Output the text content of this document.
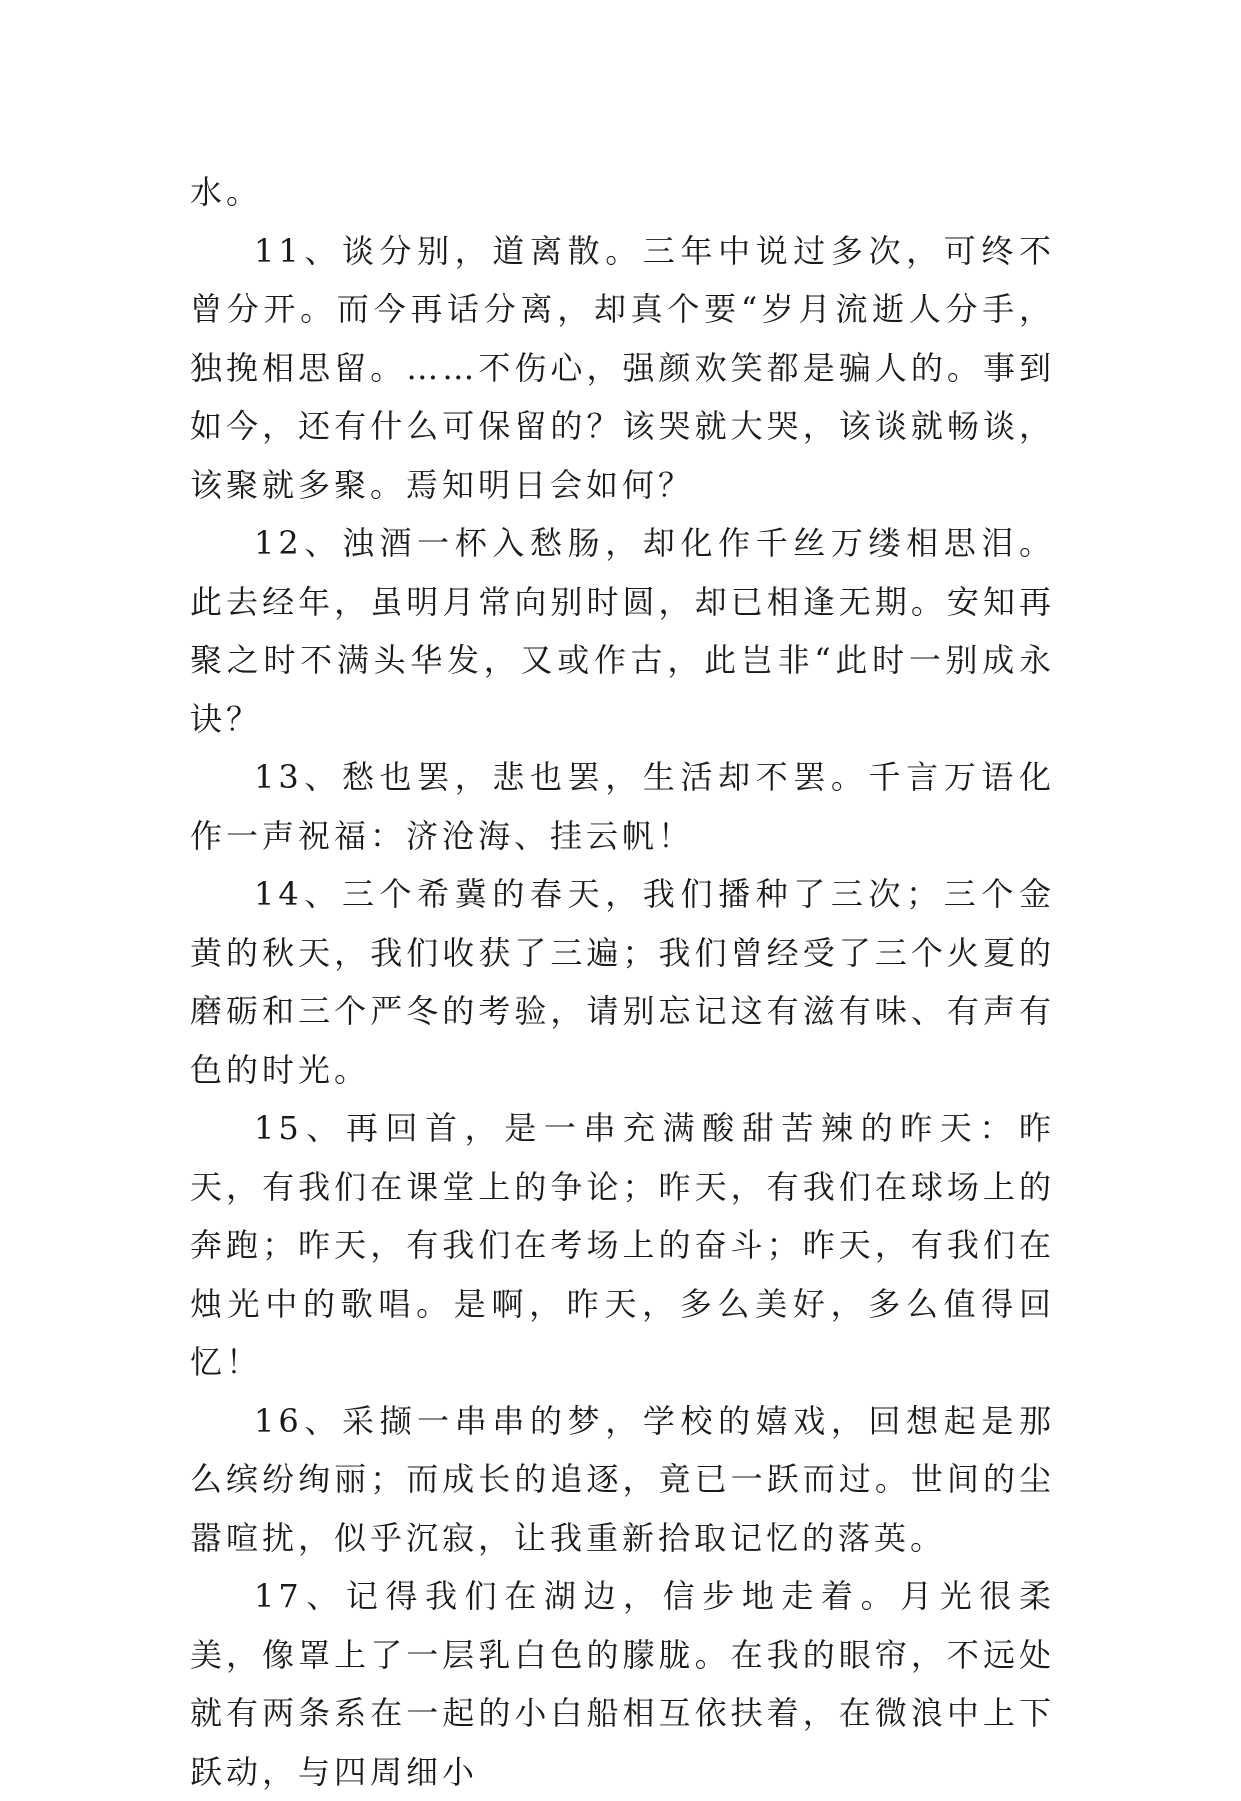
水。

11、谈分别，道离散。三年中说过多次，可终不曾分开。而今再话分离，却真个要“岁月流逝人分手，独挽相思留。……不伤心，强颜欢笑都是骗人的。事到如今，还有什么可保留的？该哭就大哭，该谈就畅谈，该聚就多聚。焉知明日会如何？

12、浊酒一杯入愁肠，却化作千丝万缕相思泪。此去经年，虽明月常向别时圆，却已相逢无期。安知再聚之时不满头华发，又或作古，此岂非“此时一别成永诀？

13、愁也罢，悲也罢，生活却不罢。千言万语化作一声祝福：济沧海、挂云帆！

14、三个希冀的春天，我们播种了三次；三个金黄的秋天，我们收获了三遍；我们曾经受了三个火夏的磨砺和三个严冬的考验，请别忘记这有滋有味、有声有色的时光。

15、再回首，是一串充满酸甜苦辣的昨天：昨天，有我们在课堂上的争论；昨天，有我们在球场上的奔跑；昨天，有我们在考场上的奋斗；昨天，有我们在烛光中的歌唱。是啊，昨天，多么美好，多么值得回忆！

16、采撷一串串的梦，学校的嬉戏，回想起是那么缤纷绚丽；而成长的追逐，竟已一跃而过。世间的尘嚣喧扰，似乎沉寂，让我重新拾取记忆的落英。

17、记得我们在湖边，信步地走着。月光很柔美，像罩上了一层乳白色的朦胧。在我的眼帘，不远处就有两条系在一起的小白船相互依扶着，在微浪中上下跃动，与四周细小
